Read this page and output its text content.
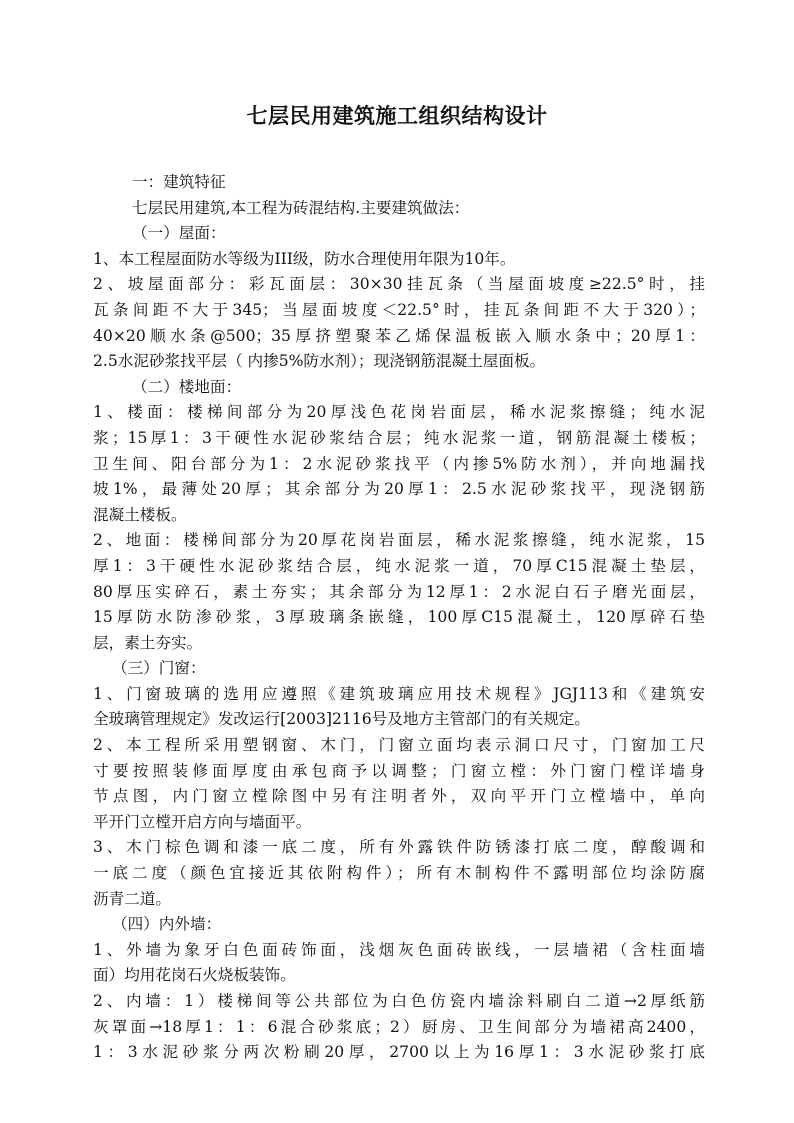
七层民用建筑施工组织结构设计
一：建筑特征
七层民用建筑,本工程为砖混结构.主要建筑做法：
（一）屋面：
1、本工程屋面防水等级为III级，防水合理使用年限为10年。
2、坡屋面部分：彩瓦面层：30×30挂瓦条（当屋面坡度≥22.5°时，挂
瓦条间距不大于345；当屋面坡度＜22.5°时，挂瓦条间距不大于320）；
40×20顺水条@500；35厚挤塑聚苯乙烯保温板嵌入顺水条中；20厚1：
2.5水泥砂浆找平层（ 内掺5%防水剂）；现浇钢筋混凝土屋面板。
（二）楼地面：
1、楼面：楼梯间部分为20厚浅色花岗岩面层，稀水泥浆擦缝；纯水泥
浆；15厚1：3干硬性水泥砂浆结合层；纯水泥浆一道，钢筋混凝土楼板；
卫生间、阳台部分为1：2水泥砂浆找平（内掺5%防水剂），并向地漏找
坡1%，最薄处20厚；其余部分为20厚1：2.5水泥砂浆找平，现浇钢筋
混凝土楼板。
2、地面：楼梯间部分为20厚花岗岩面层，稀水泥浆擦缝，纯水泥浆，15
厚1：3干硬性水泥砂浆结合层，纯水泥浆一道，70厚C15混凝土垫层，
80厚压实碎石，素土夯实；其余部分为12厚1：2水泥白石子磨光面层，
15厚防水防渗砂浆，3厚玻璃条嵌缝，100厚C15混凝土，120厚碎石垫
层，素土夯实。
（三）门窗：
1、门窗玻璃的选用应遵照《建筑玻璃应用技术规程》JGJ113和《建筑安
全玻璃管理规定》发改运行[2003]2116号及地方主管部门的有关规定。
2、本工程所采用塑钢窗、木门，门窗立面均表示洞口尺寸，门窗加工尺
寸要按照装修面厚度由承包商予以调整；门窗立樘：外门窗门樘详墙身
节点图，内门窗立樘除图中另有注明者外，双向平开门立樘墙中，单向
平开门立樘开启方向与墙面平。
3、木门棕色调和漆一底二度，所有外露铁件防锈漆打底二度，醇酸调和
一底二度（颜色宜接近其依附构件）；所有木制构件不露明部位均涂防腐
沥青二道。
（四）内外墙：
1、外墙为象牙白色面砖饰面，浅烟灰色面砖嵌线，一层墙裙（含柱面墙
面）均用花岗石火烧板装饰。
2、内墙：1）楼梯间等公共部位为白色仿瓷内墙涂料刷白二道→2厚纸筋
灰罩面→18厚1：1：6混合砂浆底；2）厨房、卫生间部分为墙裙高2400，
1：3水泥砂浆分两次粉刷20厚，2700以上为16厚1：3水泥砂浆打底
